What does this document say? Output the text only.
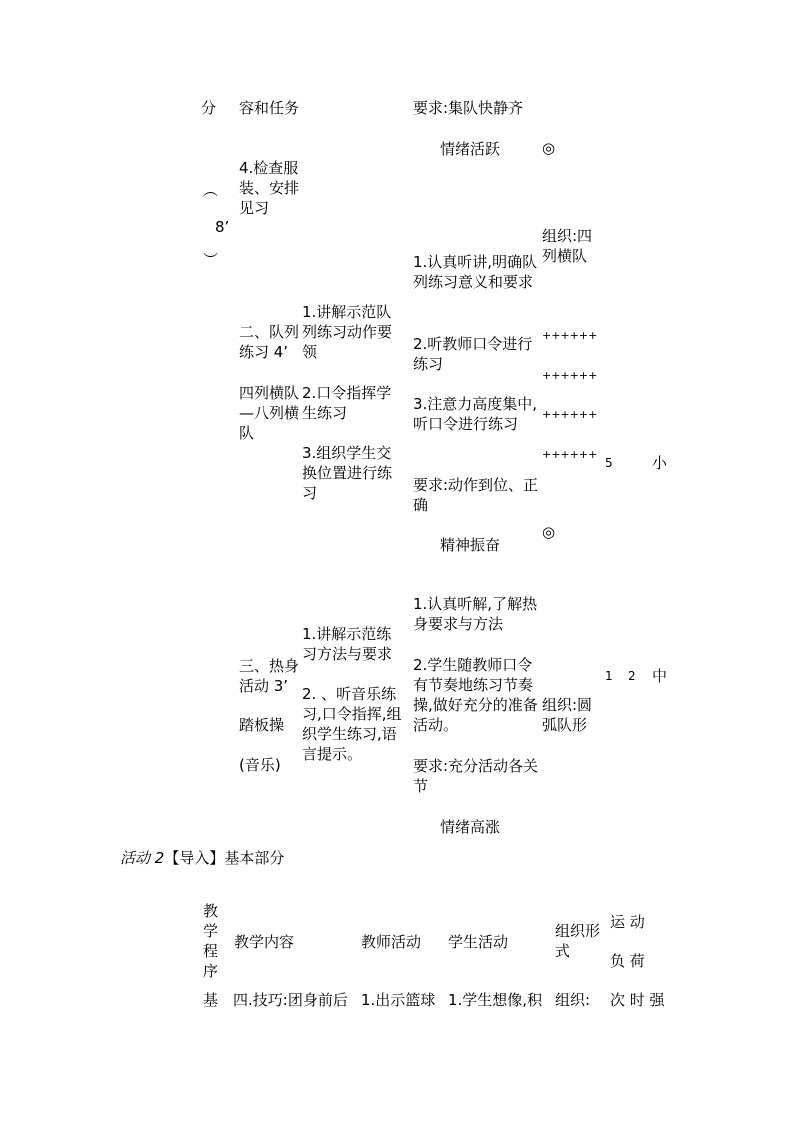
分

︵

8’

︶

容和任务

4.检查服装、安排见习

二、队列练习 4’

四列横队—八列横队

三、热身活动 3’

踏板操

(音乐)

1.讲解示范队列练习动作要领

2.口令指挥学生练习

3.组织学生交换位置进行练习

1.讲解示范练习方法与要求

2. 、听音乐练习,口令指挥,组织学生练习,语言提示。

要求:集队快静齐

情绪活跃

1.认真听讲,明确队列练习意义和要求

2.听教师口令进行练习

3.注意力高度集中,听口令进行练习

要求:动作到位、正确

精神振奋

1.认真听解,了解热身要求与方法

2.学生随教师口令有节奏地练习节奏操,做好充分的准备活动。

要求:充分活动各关节

情绪高涨

◎

组织:四列横队

++++++

++++++

++++++

++++++

◎

组织:圆弧队形

5	小

1 2 中

活动 2【导入】基本部分

教

学

程

序

教学内容	教师活动 学生活动

组织形式

运 动

负 荷

基 四.技巧:团身前后 1.出示篮球 1.学生想像,积 组织: 次 时 强
